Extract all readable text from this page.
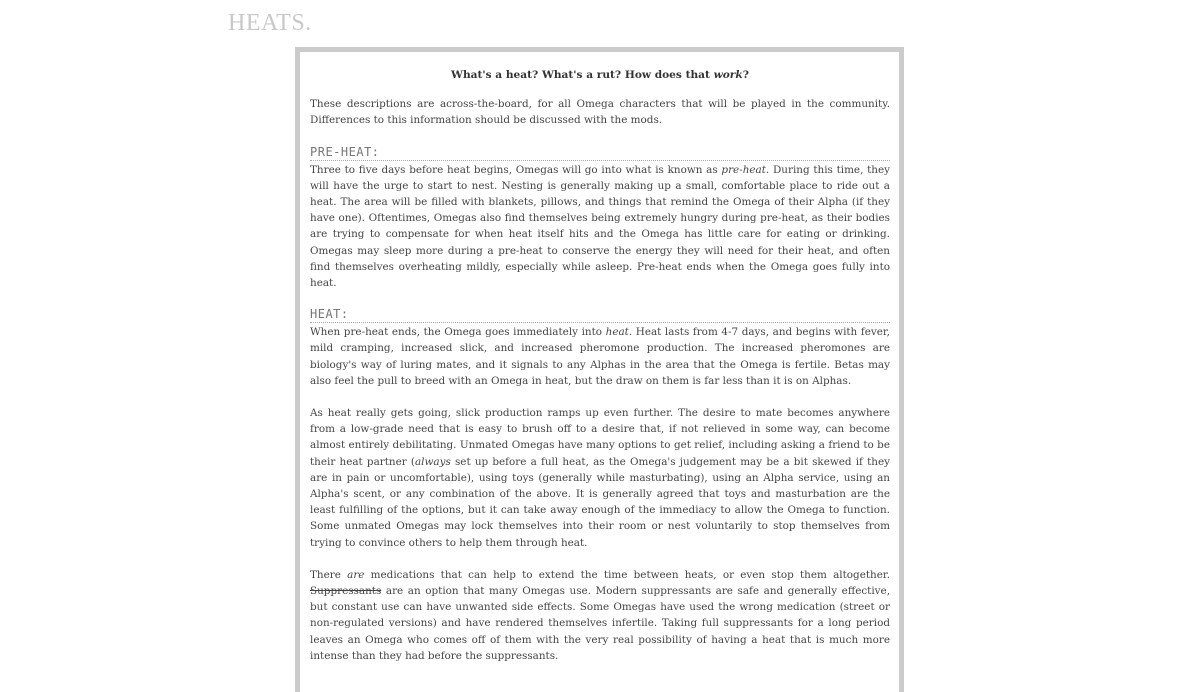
HEATS.
What's a heat? What's a rut? How does that work?

These descriptions are across-the-board, for all Omega characters that will be played in the community. Differences to this information should be discussed with the mods.

PRE-HEAT:

Three to five days before heat begins, Omegas will go into what is known as pre-heat. During this time, they will have the urge to start to nest. Nesting is generally making up a small, comfortable place to ride out a heat. The area will be filled with blankets, pillows, and things that remind the Omega of their Alpha (if they have one). Oftentimes, Omegas also find themselves being extremely hungry during pre-heat, as their bodies are trying to compensate for when heat itself hits and the Omega has little care for eating or drinking. Omegas may sleep more during a pre-heat to conserve the energy they will need for their heat, and often find themselves overheating mildly, especially while asleep. Pre-heat ends when the Omega goes fully into heat.

HEAT:

When pre-heat ends, the Omega goes immediately into heat. Heat lasts from 4-7 days, and begins with fever, mild cramping, increased slick, and increased pheromone production. The increased pheromones are biology's way of luring mates, and it signals to any Alphas in the area that the Omega is fertile. Betas may also feel the pull to breed with an Omega in heat, but the draw on them is far less than it is on Alphas.

As heat really gets going, slick production ramps up even further. The desire to mate becomes anywhere from a low-grade need that is easy to brush off to a desire that, if not relieved in some way, can become almost entirely debilitating. Unmated Omegas have many options to get relief, including asking a friend to be their heat partner (always set up before a full heat, as the Omega's judgement may be a bit skewed if they are in pain or uncomfortable), using toys (generally while masturbating), using an Alpha service, using an Alpha's scent, or any combination of the above. It is generally agreed that toys and masturbation are the least fulfilling of the options, but it can take away enough of the immediacy to allow the Omega to function. Some unmated Omegas may lock themselves into their room or nest voluntarily to stop themselves from trying to convince others to help them through heat.

There are medications that can help to extend the time between heats, or even stop them altogether. Suppressants are an option that many Omegas use. Modern suppressants are safe and generally effective, but constant use can have unwanted side effects. Some Omegas have used the wrong medication (street or non-regulated versions) and have rendered themselves infertile. Taking full suppressants for a long period leaves an Omega who comes off of them with the very real possibility of having a heat that is much more intense than they had before the suppressants.
